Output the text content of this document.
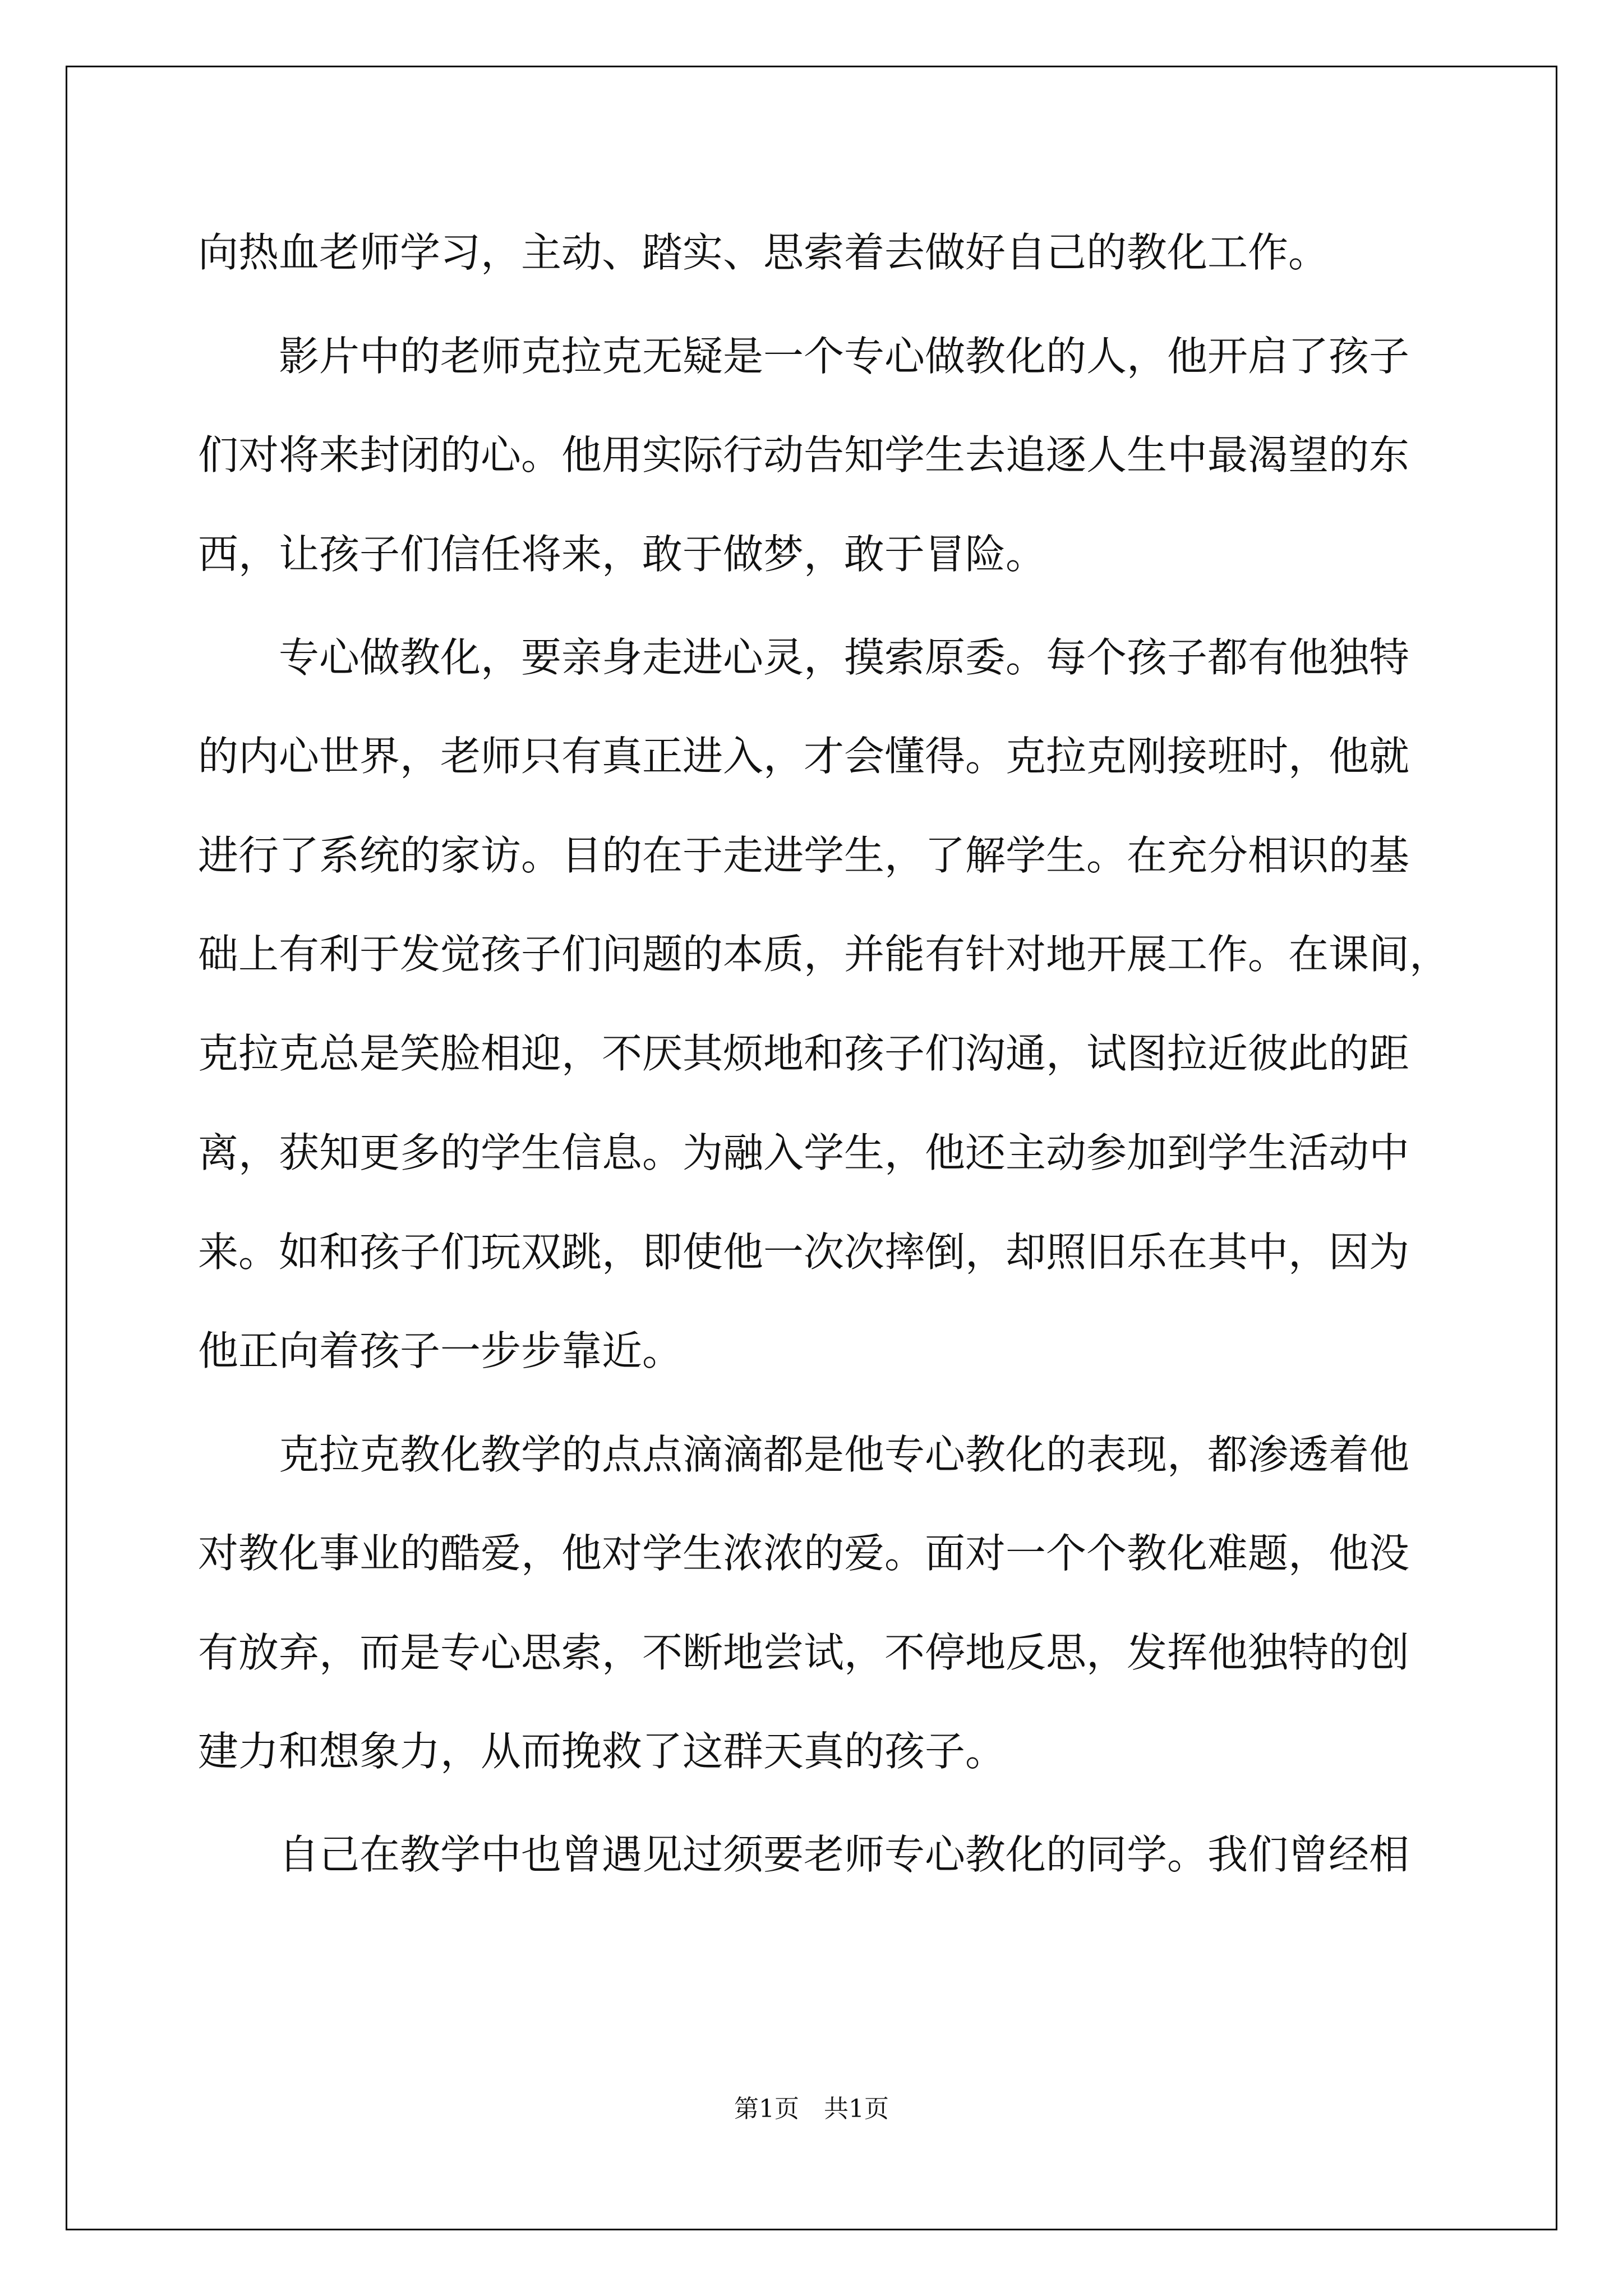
向热血老师学习，主动、踏实、思索着去做好自己的教化工作。

影片中的老师克拉克无疑是一个专心做教化的人，他开启了孩子

们对将来封闭的心。他用实际行动告知学生去追逐人生中最渴望的东

西，让孩子们信任将来，敢于做梦，敢于冒险。

专心做教化，要亲身走进心灵，摸索原委。每个孩子都有他独特

的内心世界，老师只有真正进入，才会懂得。克拉克刚接班时，他就

进行了系统的家访。目的在于走进学生，了解学生。在充分相识的基

础上有利于发觉孩子们问题的本质，并能有针对地开展工作。在课间，

克拉克总是笑脸相迎，不厌其烦地和孩子们沟通，试图拉近彼此的距

离，获知更多的学生信息。为融入学生，他还主动参加到学生活动中

来。如和孩子们玩双跳，即使他一次次摔倒，却照旧乐在其中，因为

他正向着孩子一步步靠近。

克拉克教化教学的点点滴滴都是他专心教化的表现，都渗透着他

对教化事业的酷爱，他对学生浓浓的爱。面对一个个教化难题，他没

有放弃，而是专心思索，不断地尝试，不停地反思，发挥他独特的创

建力和想象力，从而挽救了这群天真的孩子。

自己在教学中也曾遇见过须要老师专心教化的同学。我们曾经相

第1页 共1页
